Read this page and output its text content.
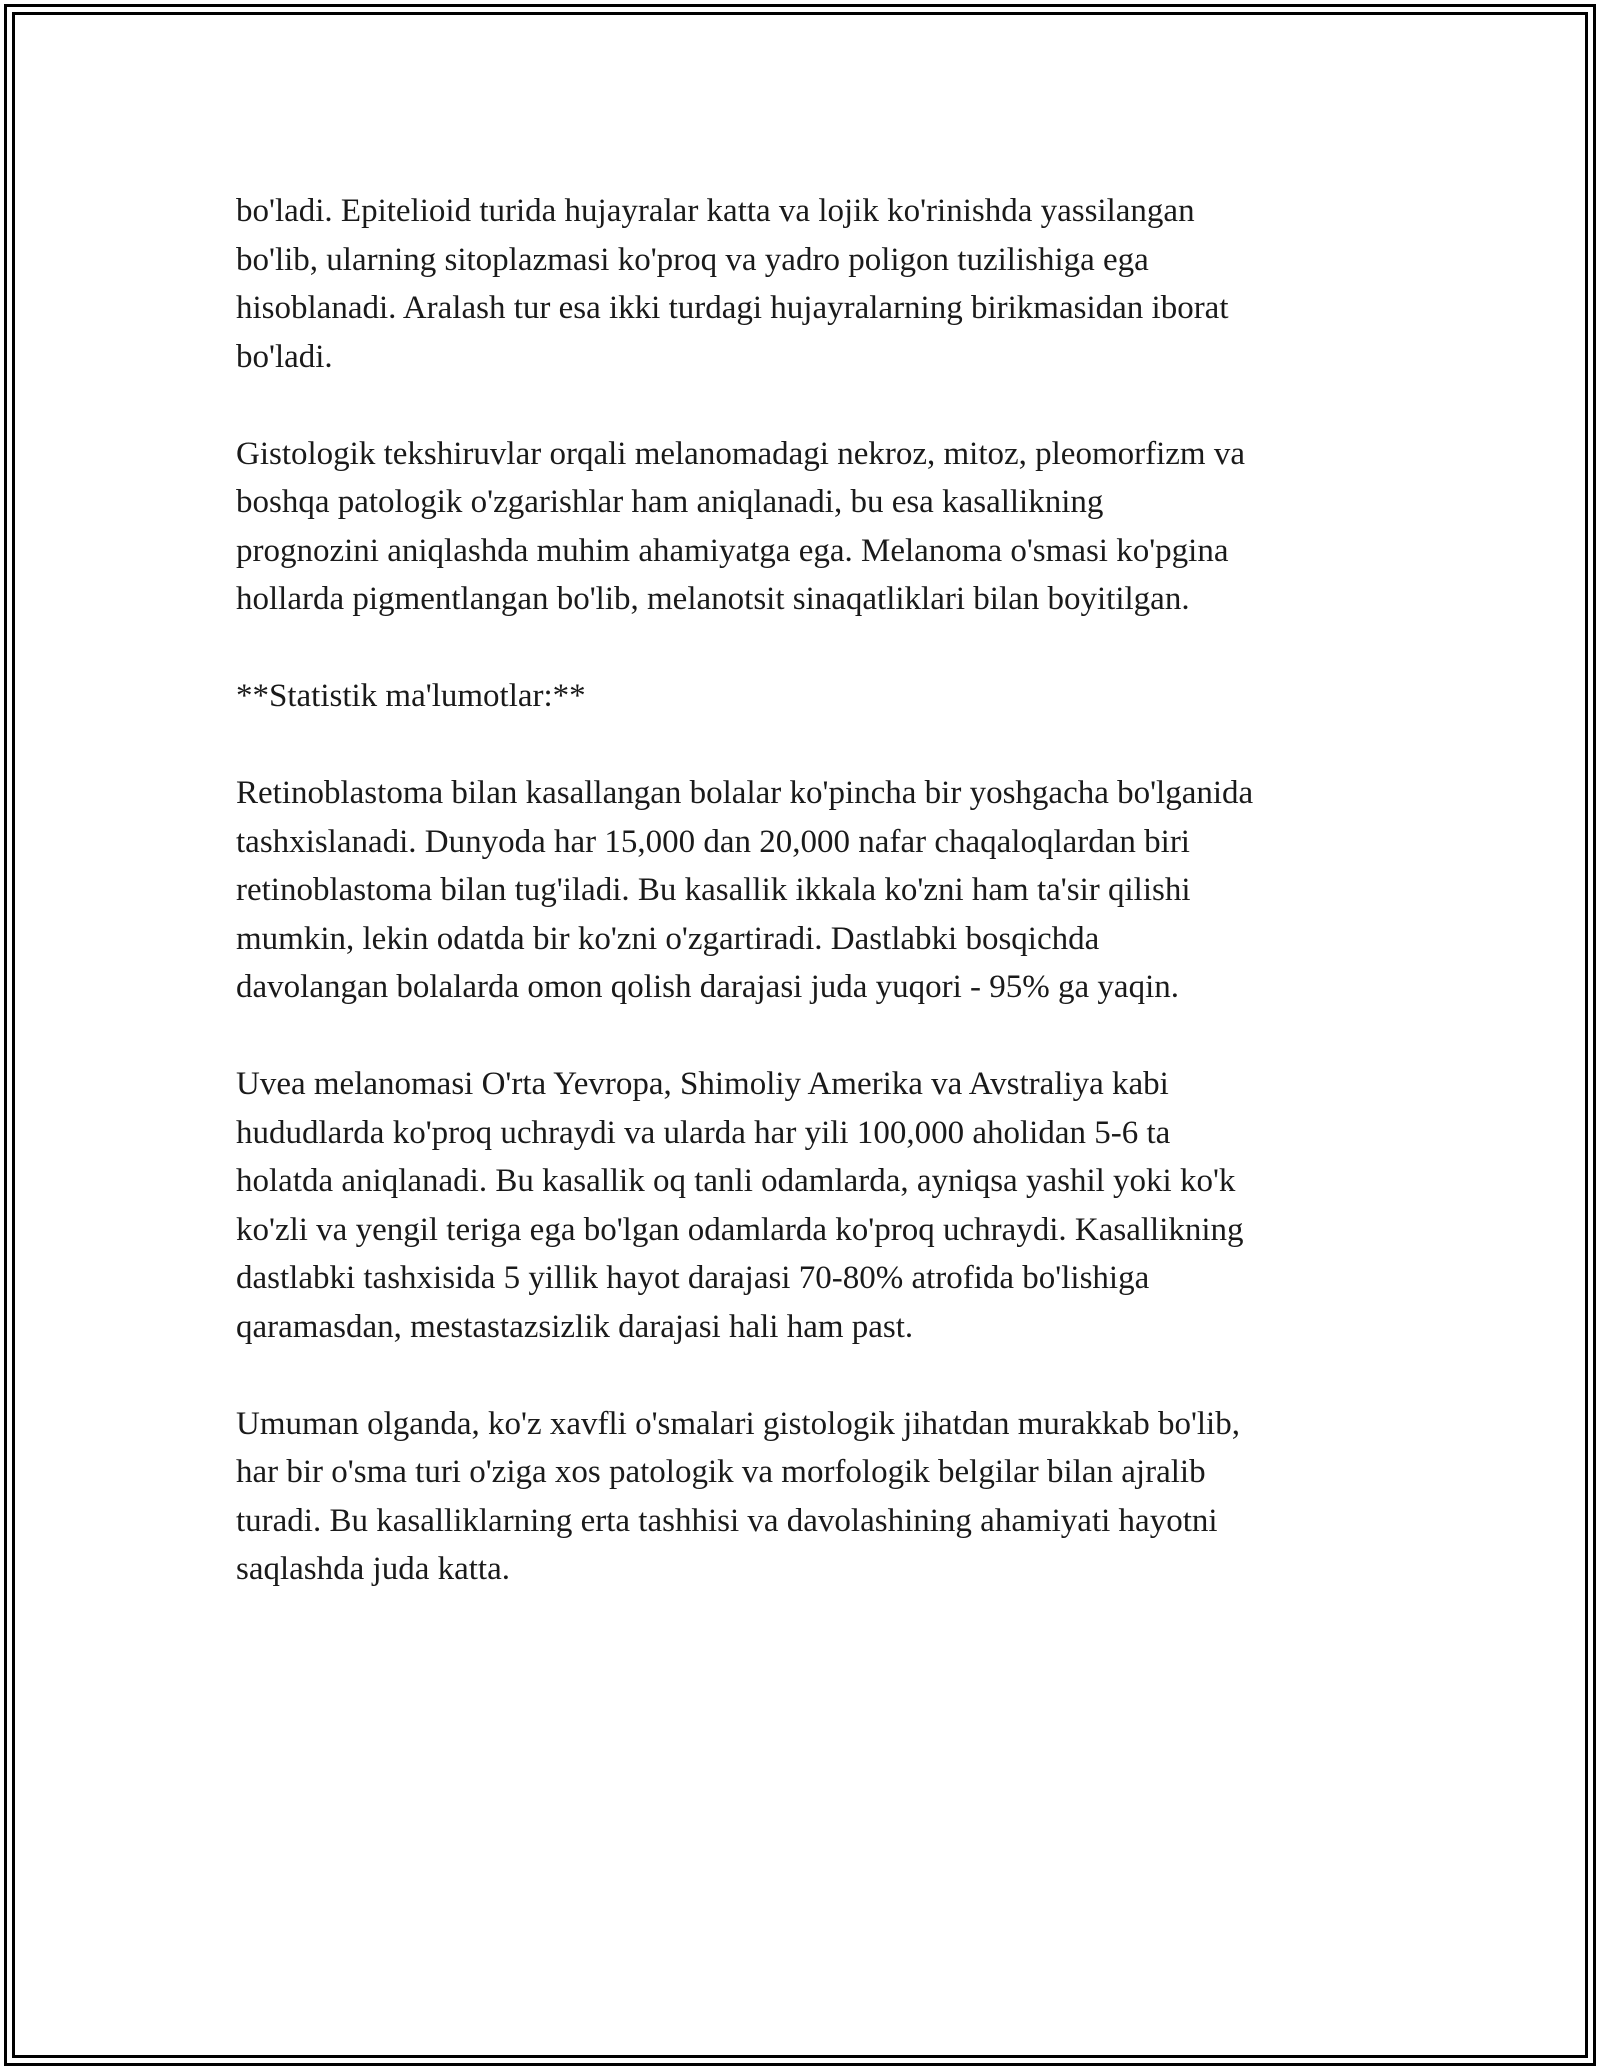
bo'ladi. Epitelioid turida hujayralar katta va lojik ko'rinishda yassilangan
bo'lib, ularning sitoplazmasi ko'proq va yadro poligon tuzilishiga ega
hisoblanadi. Aralash tur esa ikki turdagi hujayralarning birikmasidan iborat
bo'ladi.

Gistologik tekshiruvlar orqali melanomadagi nekroz, mitoz, pleomorfizm va
boshqa patologik o'zgarishlar ham aniqlanadi, bu esa kasallikning
prognozini aniqlashda muhim ahamiyatga ega. Melanoma o'smasi ko'pgina
hollarda pigmentlangan bo'lib, melanotsit sinaqatliklari bilan boyitilgan.

**Statistik ma'lumotlar:**

Retinoblastoma bilan kasallangan bolalar ko'pincha bir yoshgacha bo'lganida
tashxislanadi. Dunyoda har 15,000 dan 20,000 nafar chaqaloqlardan biri
retinoblastoma bilan tug'iladi. Bu kasallik ikkala ko'zni ham ta'sir qilishi
mumkin, lekin odatda bir ko'zni o'zgartiradi. Dastlabki bosqichda
davolangan bolalarda omon qolish darajasi juda yuqori - 95% ga yaqin.

Uvea melanomasi O'rta Yevropa, Shimoliy Amerika va Avstraliya kabi
hududlarda ko'proq uchraydi va ularda har yili 100,000 aholidan 5-6 ta
holatda aniqlanadi. Bu kasallik oq tanli odamlarda, ayniqsa yashil yoki ko'k
ko'zli va yengil teriga ega bo'lgan odamlarda ko'proq uchraydi. Kasallikning
dastlabki tashxisida 5 yillik hayot darajasi 70-80% atrofida bo'lishiga
qaramasdan, mestastazsizlik darajasi hali ham past.

Umuman olganda, ko'z xavfli o'smalari gistologik jihatdan murakkab bo'lib,
har bir o'sma turi o'ziga xos patologik va morfologik belgilar bilan ajralib
turadi. Bu kasalliklarning erta tashhisi va davolashining ahamiyati hayotni
saqlashda juda katta.
